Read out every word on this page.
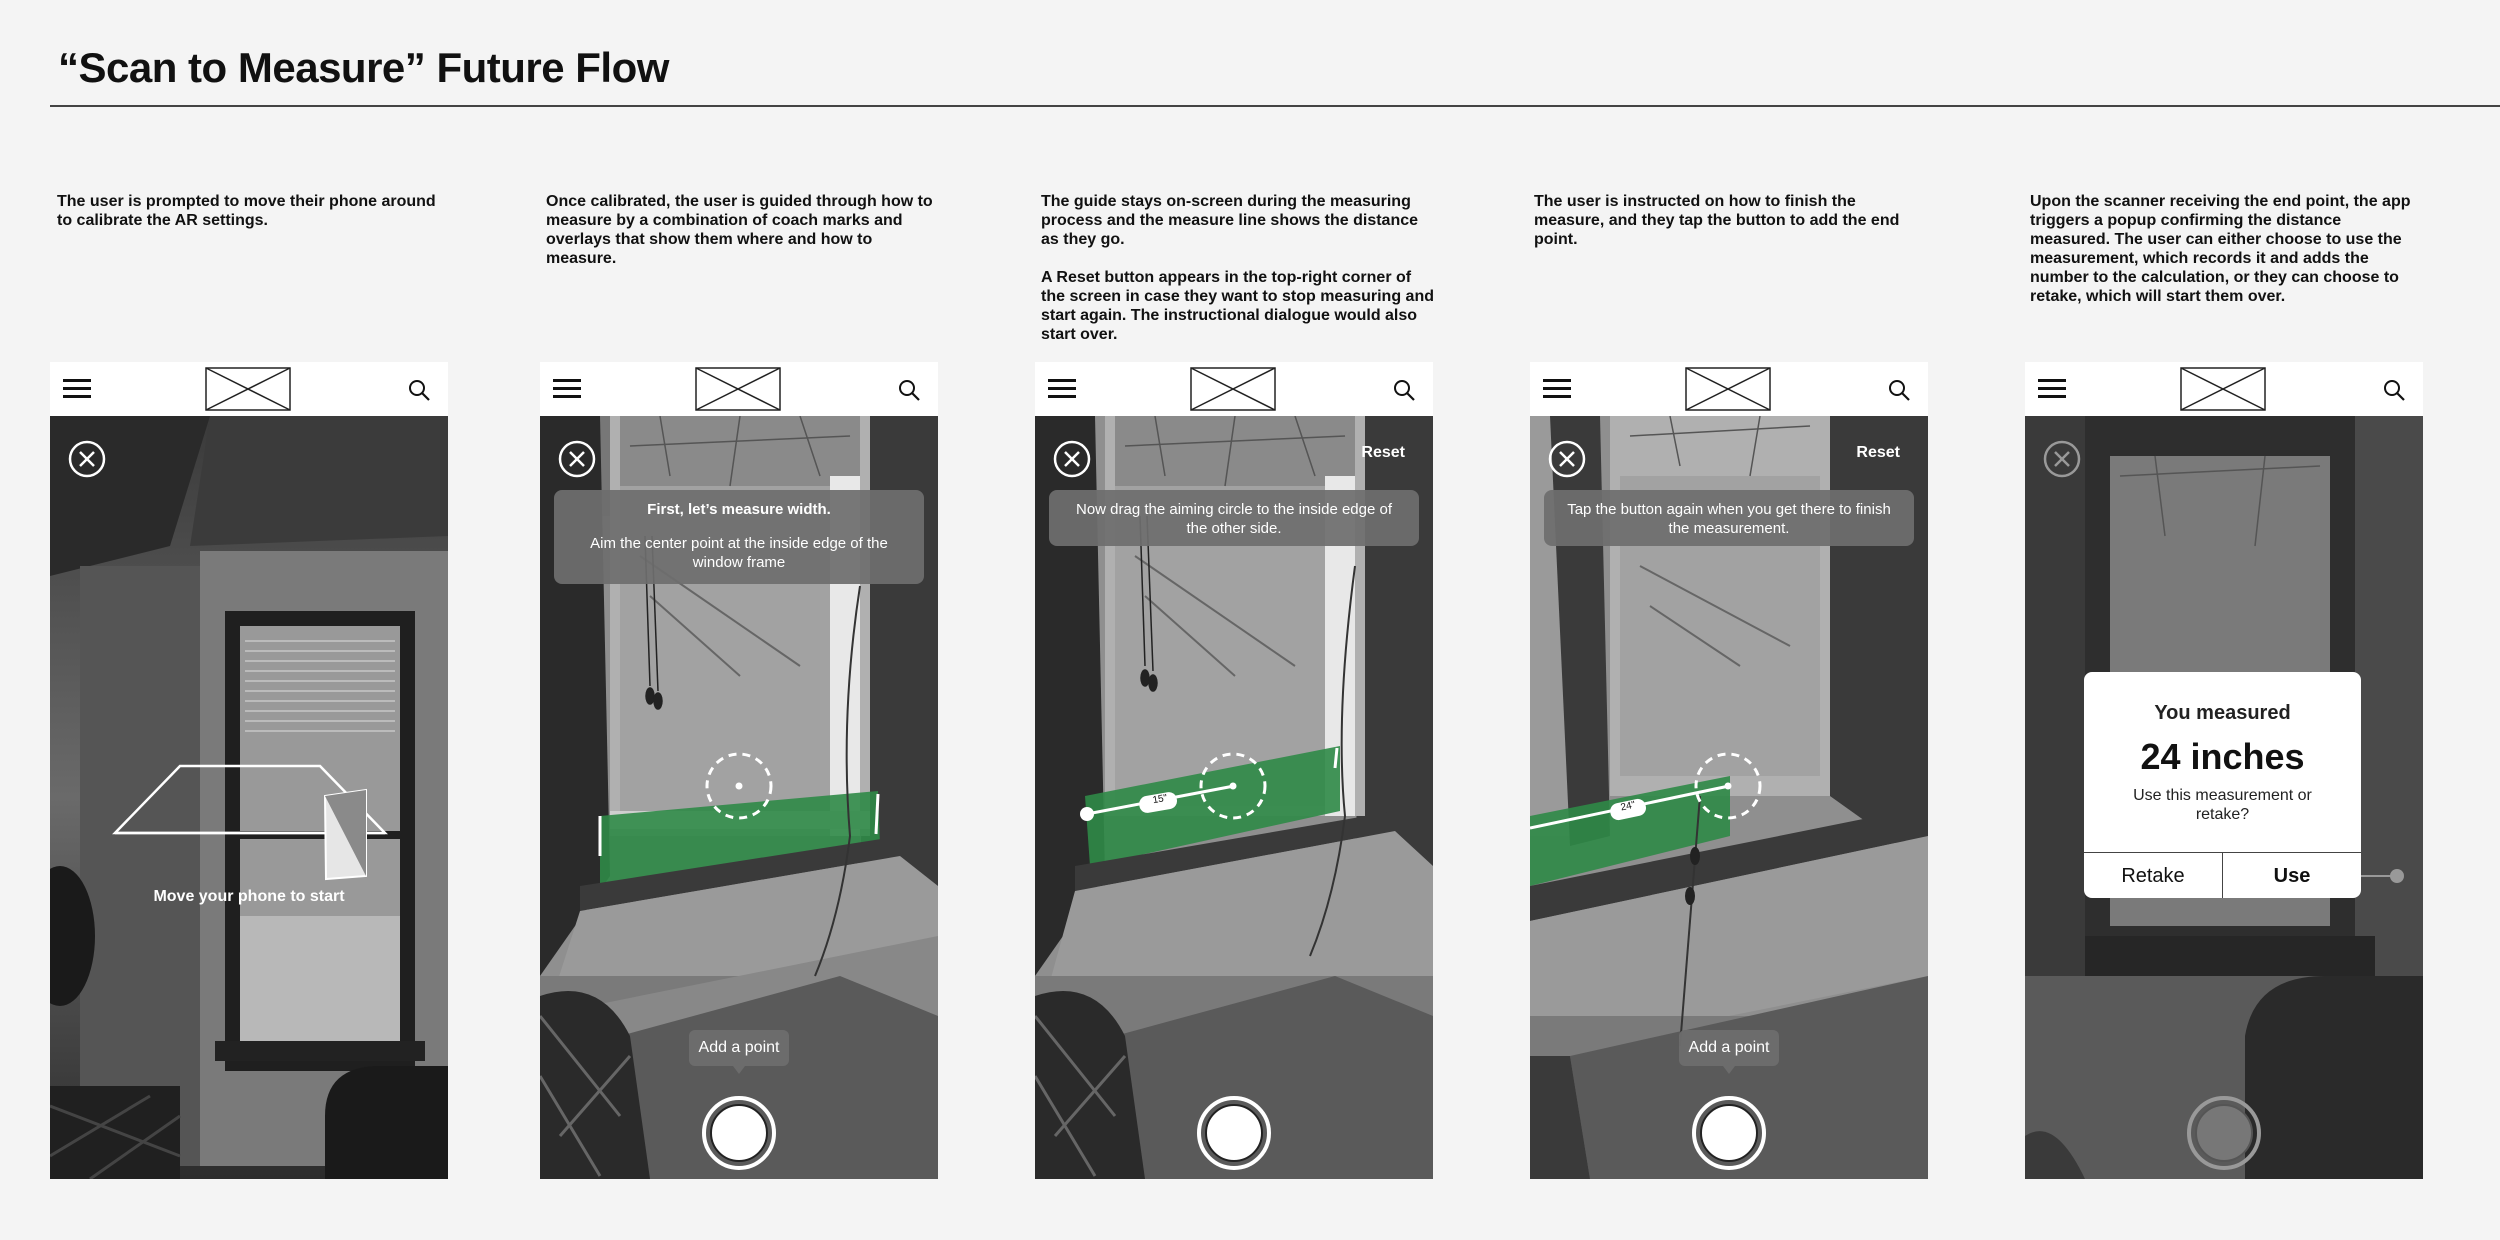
“Scan to Measure” Future Flow

The user is prompted to move their phone around to calibrate the AR settings.

Once calibrated, the user is guided through how to measure by a combination of coach marks and overlays that show them where and how to measure.

The guide stays on-screen during the measuring process and the measure line shows the distance as they go.

A Reset button appears in the top-right corner of the screen in case they want to stop measuring and start again. The instructional dialogue would also start over.

The user is instructed on how to finish the measure, and they tap the button to add the end point.

Upon the scanner receiving the end point, the app triggers a popup confirming the distance measured. The user can either choose to use the measurement, which records it and adds the number to the calculation, or they can choose to retake, which will start them over.

Move your phone to start
First, let’s measure width.
Aim the center point at the inside edge of the window frame
Add a point
15"
Reset
Now drag the aiming circle to the inside edge of the other side.
24"
Reset
Tap the button again when you get there to finish the measurement.
Add a point
You measured
24 inches
Use this measurement or retake?
Retake	Use
